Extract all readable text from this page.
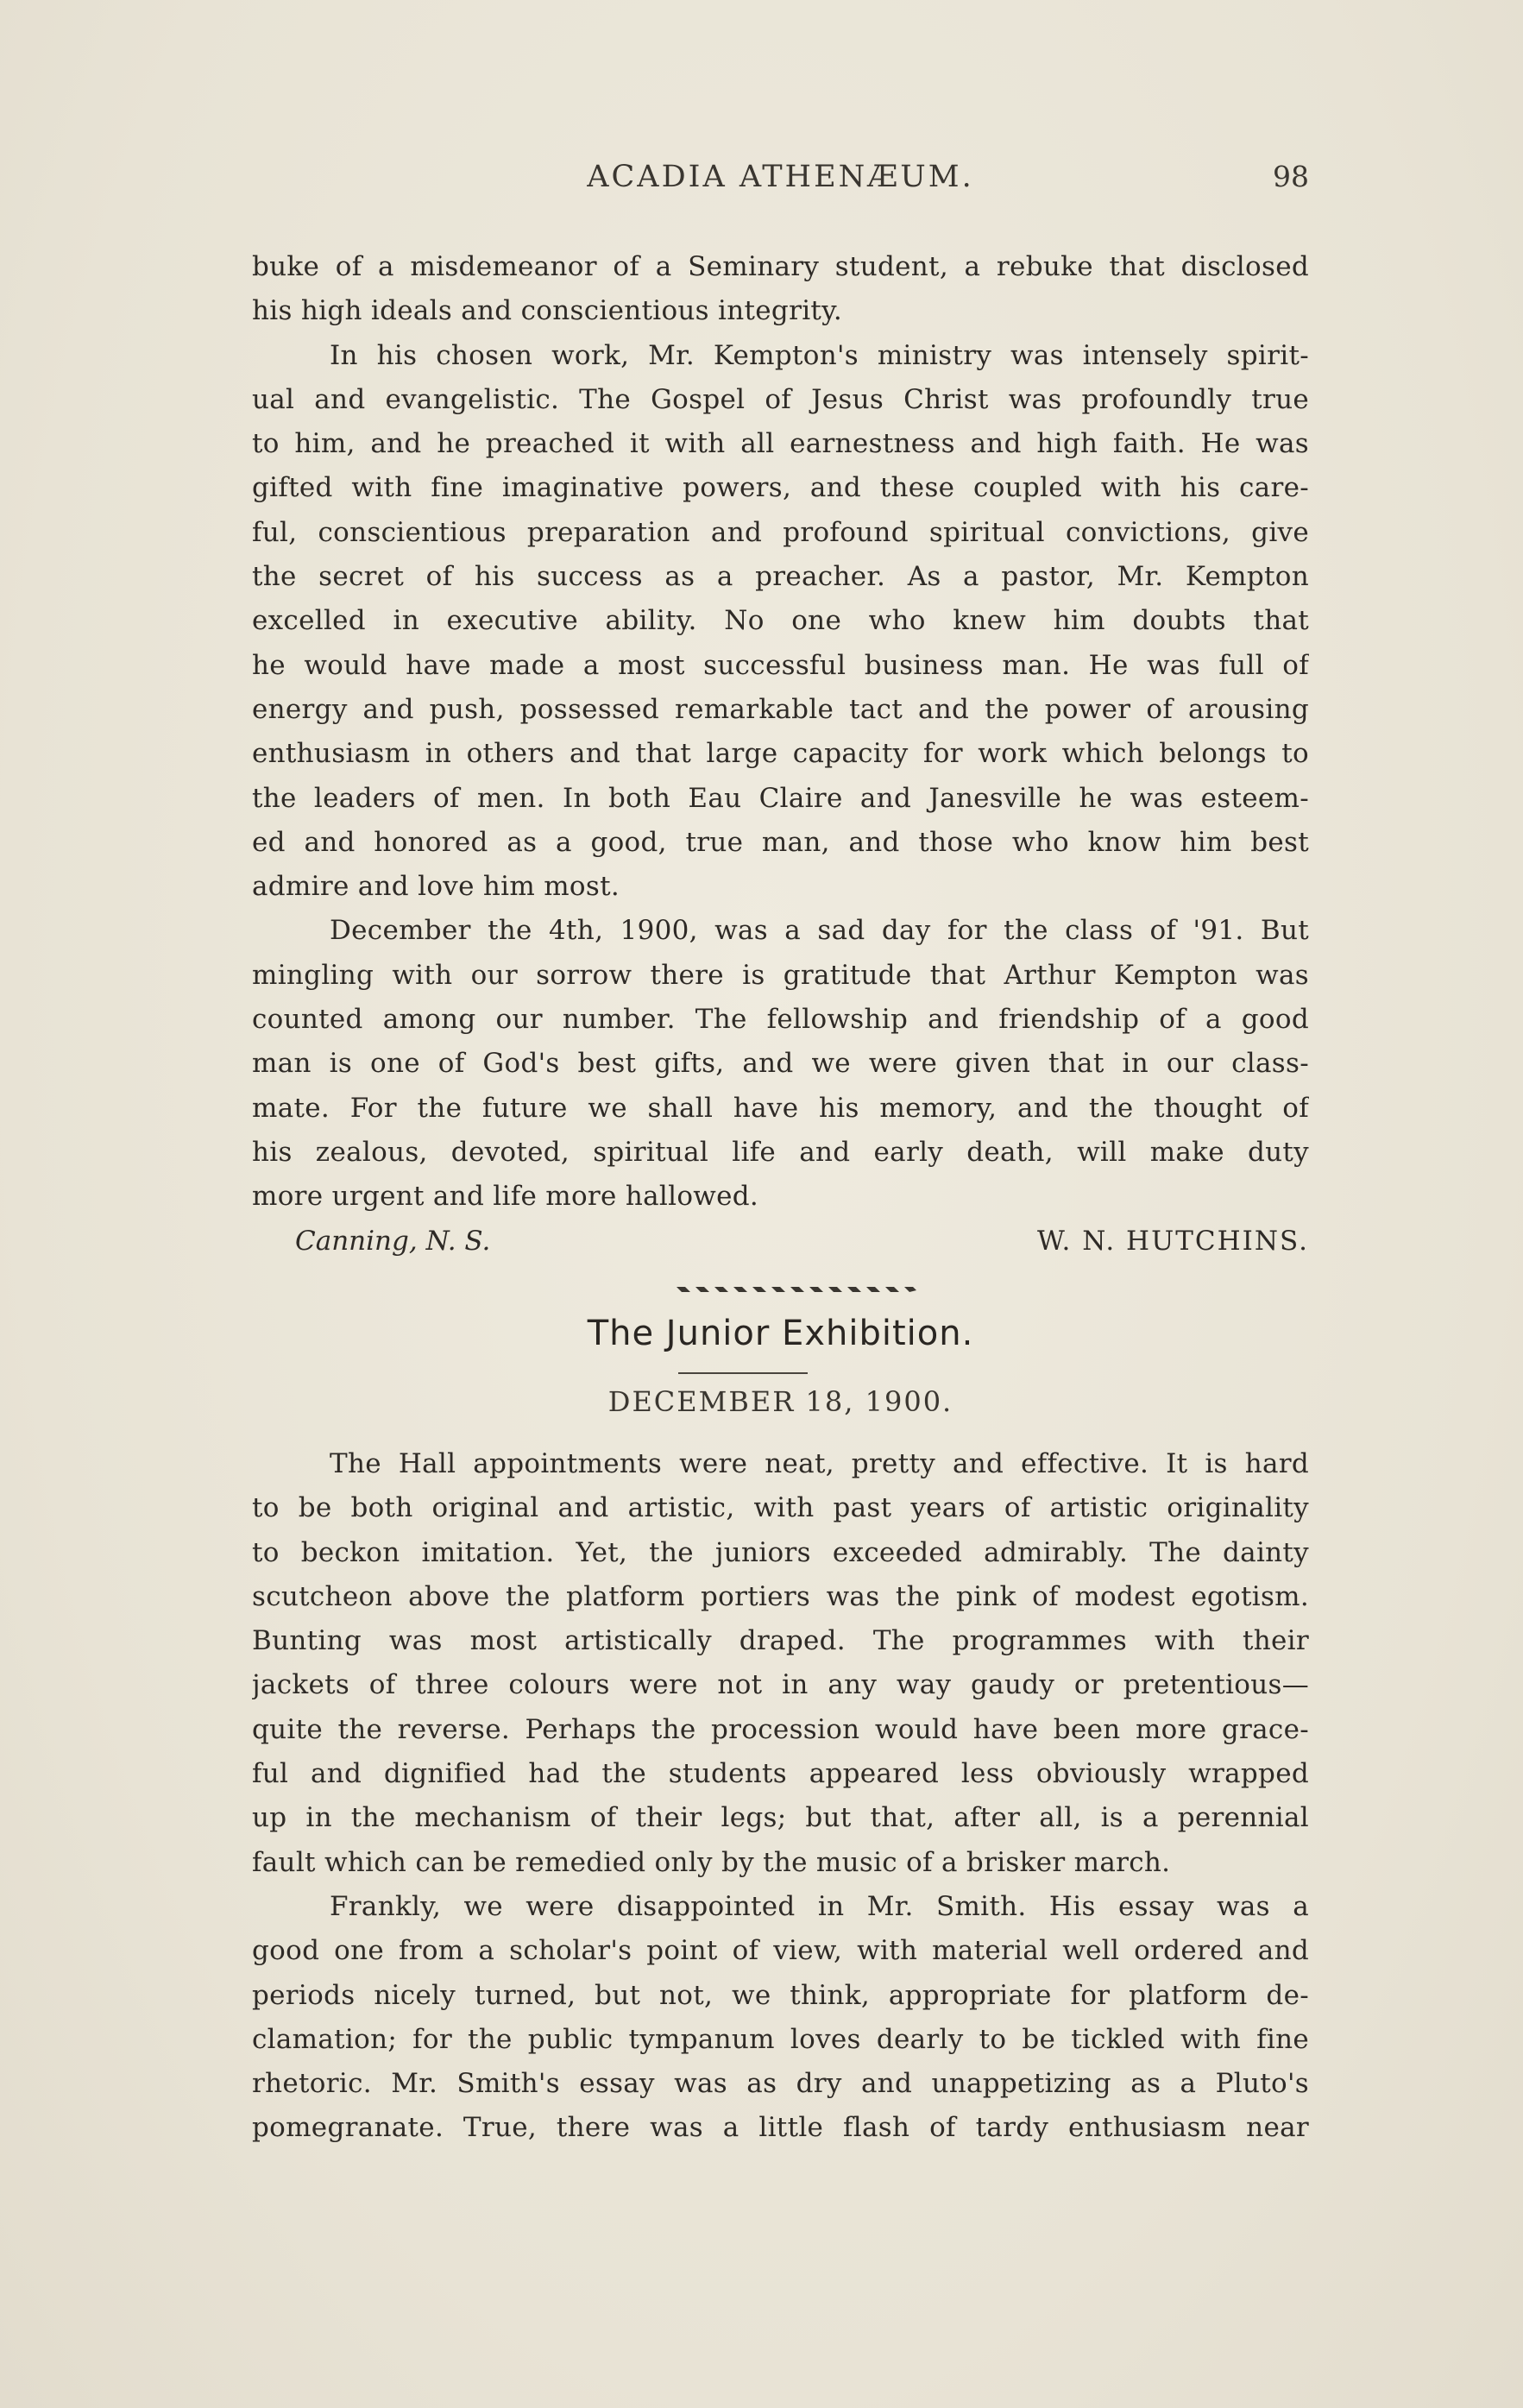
ACADIA ATHENÆUM.	98
buke of a misdemeanor of a Seminary student, a rebuke that disclosed
his high ideals and conscientious integrity.
In his chosen work, Mr. Kempton's ministry was intensely spirit-
ual and evangelistic. The Gospel of Jesus Christ was profoundly true
to him, and he preached it with all earnestness and high faith. He was
gifted with fine imaginative powers, and these coupled with his care-
ful, conscientious preparation and profound spiritual convictions, give
the secret of his success as a preacher. As a pastor, Mr. Kempton
excelled in executive ability. No one who knew him doubts that
he would have made a most successful business man. He was full of
energy and push, possessed remarkable tact and the power of arousing
enthusiasm in others and that large capacity for work which belongs to
the leaders of men. In both Eau Claire and Janesville he was esteem-
ed and honored as a good, true man, and those who know him best
admire and love him most.
December the 4th, 1900, was a sad day for the class of '91. But
mingling with our sorrow there is gratitude that Arthur Kempton was
counted among our number. The fellowship and friendship of a good
man is one of God's best gifts, and we were given that in our class-
mate. For the future we shall have his memory, and the thought of
his zealous, devoted, spiritual life and early death, will make duty
more urgent and life more hallowed.
Canning, N. S.	W. N. HUTCHINS.
The Junior Exhibition.
DECEMBER 18, 1900.
The Hall appointments were neat, pretty and effective. It is hard
to be both original and artistic, with past years of artistic originality
to beckon imitation. Yet, the juniors exceeded admirably. The dainty
scutcheon above the platform portiers was the pink of modest egotism.
Bunting was most artistically draped. The programmes with their
jackets of three colours were not in any way gaudy or pretentious—
quite the reverse. Perhaps the procession would have been more grace-
ful and dignified had the students appeared less obviously wrapped
up in the mechanism of their legs; but that, after all, is a perennial
fault which can be remedied only by the music of a brisker march.
Frankly, we were disappointed in Mr. Smith. His essay was a
good one from a scholar's point of view, with material well ordered and
periods nicely turned, but not, we think, appropriate for platform de-
clamation; for the public tympanum loves dearly to be tickled with fine
rhetoric. Mr. Smith's essay was as dry and unappetizing as a Pluto's
pomegranate. True, there was a little flash of tardy enthusiasm near
